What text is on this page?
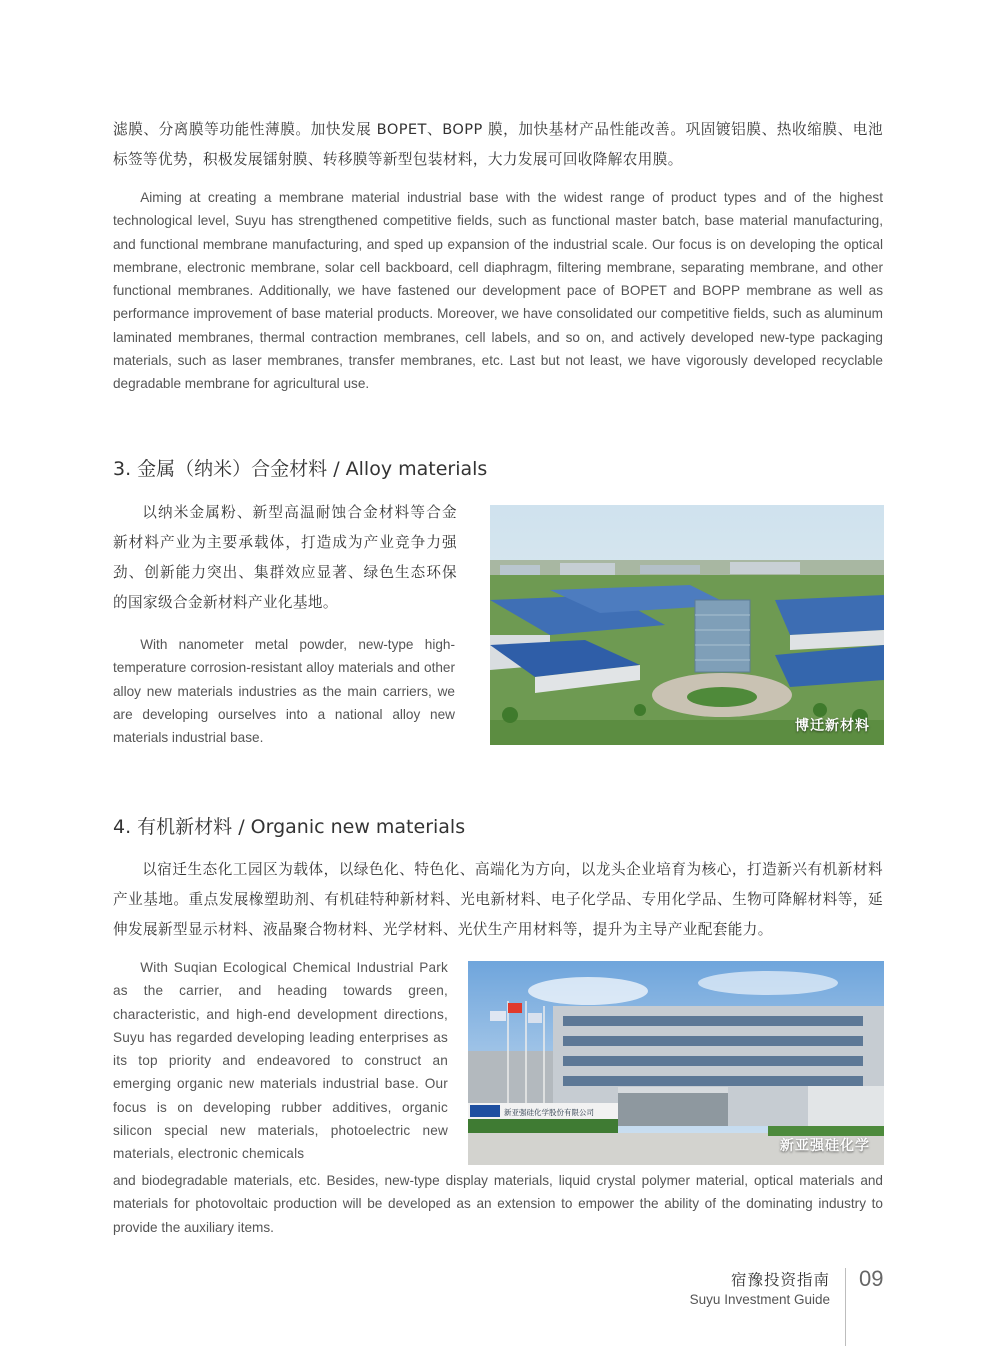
滤膜、分离膜等功能性薄膜。加快发展 BOPET、BOPP 膜，加快基材产品性能改善。巩固镀铝膜、热收缩膜、电池标签等优势，积极发展镭射膜、转移膜等新型包装材料，大力发展可回收降解农用膜。

Aiming at creating a membrane material industrial base with the widest range of product types and of the highest technological level, Suyu has strengthened competitive fields, such as functional master batch, base material manufacturing, and functional membrane manufacturing, and sped up expansion of the industrial scale. Our focus is on developing the optical membrane, electronic membrane, solar cell backboard, cell diaphragm, filtering membrane, separating membrane, and other functional membranes. Additionally, we have fastened our development pace of BOPET and BOPP membrane as well as performance improvement of base material products. Moreover, we have consolidated our competitive fields, such as aluminum laminated membranes, thermal contraction membranes, cell labels, and so on, and actively developed new-type packaging materials, such as laser membranes, transfer membranes, etc. Last but not least, we have vigorously developed recyclable degradable membrane for agricultural use.

3. 金属（纳米）合金材料 / Alloy materials

以纳米金属粉、新型高温耐蚀合金材料等合金新材料产业为主要承载体，打造成为产业竞争力强劲、创新能力突出、集群效应显著、绿色生态环保的国家级合金新材料产业化基地。

With nanometer metal powder, new-type high-temperature corrosion-resistant alloy materials and other alloy new materials industries as the main carriers, we are developing ourselves into a national alloy new materials industrial base.

博迁新材料
4. 有机新材料 / Organic new materials

以宿迁生态化工园区为载体，以绿色化、特色化、高端化为方向，以龙头企业培育为核心，打造新兴有机新材料产业基地。重点发展橡塑助剂、有机硅特种新材料、光电新材料、电子化学品、专用化学品、生物可降解材料等，延伸发展新型显示材料、液晶聚合物材料、光学材料、光伏生产用材料等，提升为主导产业配套能力。

With Suqian Ecological Chemical Industrial Park as the carrier, and heading towards green, characteristic, and high-end development directions, Suyu has regarded developing leading enterprises as its top priority and endeavored to construct an emerging organic new materials industrial base. Our focus is on developing rubber additives, organic silicon special new materials, photoelectric new materials, electronic chemicals

and biodegradable materials, etc. Besides, new-type display materials, liquid crystal polymer material, optical materials and materials for photovoltaic production will be developed as an extension to empower the ability of the dominating industry to provide the auxiliary items.

新亚强硅化学股份有限公司
新亚强硅化学
宿豫投资指南
Suyu Investment Guide
09
